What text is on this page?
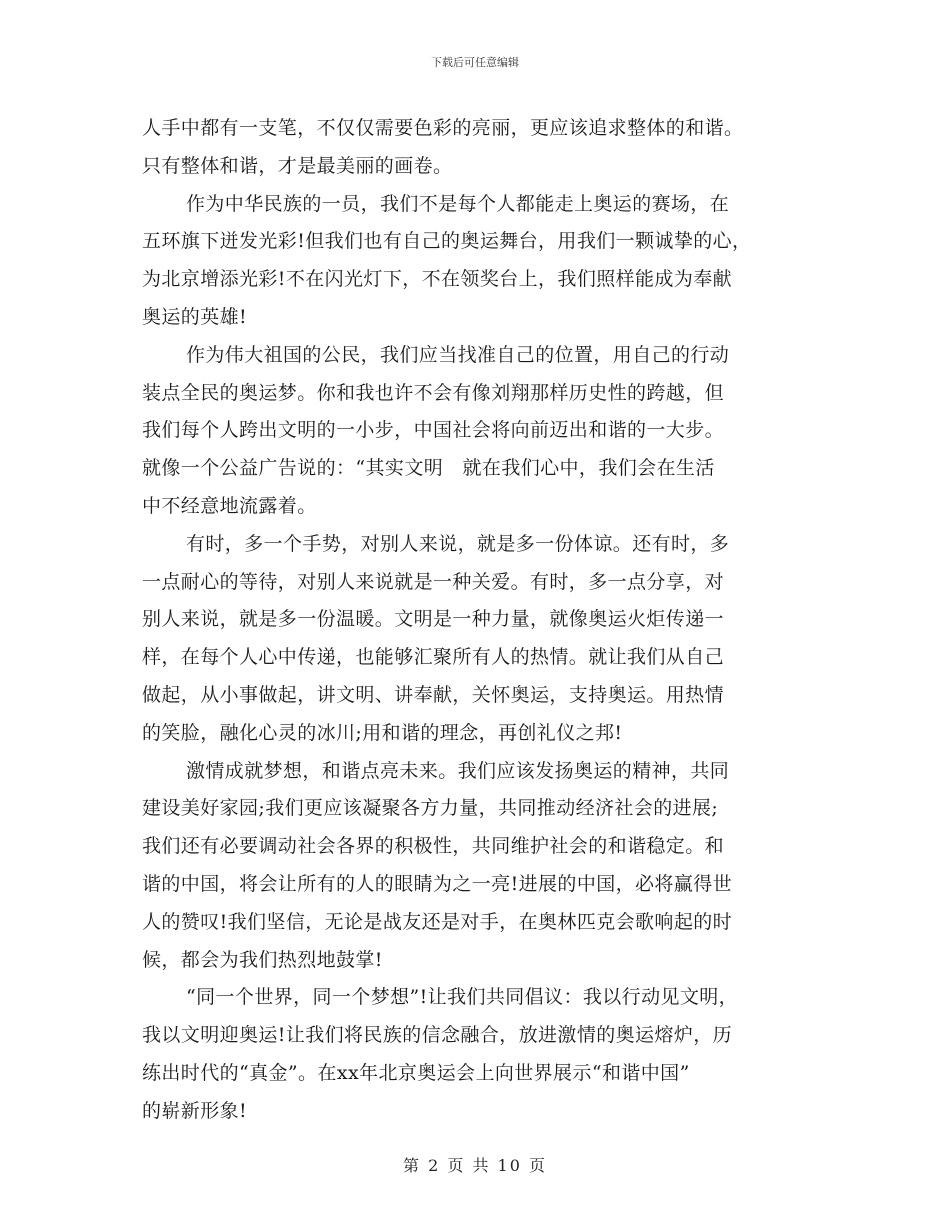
下载后可任意编辑
人手中都有一支笔，不仅仅需要色彩的亮丽，更应该追求整体的和谐。
只有整体和谐，才是最美丽的画卷。
作为中华民族的一员，我们不是每个人都能走上奥运的赛场，在
五环旗下迸发光彩!但我们也有自己的奥运舞台，用我们一颗诚挚的心，
为北京增添光彩!不在闪光灯下，不在领奖台上，我们照样能成为奉献
奥运的英雄!
作为伟大祖国的公民，我们应当找准自己的位置，用自己的行动
装点全民的奥运梦。你和我也许不会有像刘翔那样历史性的跨越，但
我们每个人跨出文明的一小步，中国社会将向前迈出和谐的一大步。
就像一个公益广告说的：“其实文明　就在我们心中，我们会在生活
中不经意地流露着。
有时，多一个手势，对别人来说，就是多一份体谅。还有时，多
一点耐心的等待，对别人来说就是一种关爱。有时，多一点分享，对
别人来说，就是多一份温暖。文明是一种力量，就像奥运火炬传递一
样，在每个人心中传递，也能够汇聚所有人的热情。就让我们从自己
做起，从小事做起，讲文明、讲奉献，关怀奥运，支持奥运。用热情
的笑脸，融化心灵的冰川;用和谐的理念，再创礼仪之邦!
激情成就梦想，和谐点亮未来。我们应该发扬奥运的精神，共同
建设美好家园;我们更应该凝聚各方力量，共同推动经济社会的进展;
我们还有必要调动社会各界的积极性，共同维护社会的和谐稳定。和
谐的中国，将会让所有的人的眼睛为之一亮!进展的中国，必将赢得世
人的赞叹!我们坚信，无论是战友还是对手，在奥林匹克会歌响起的时
候，都会为我们热烈地鼓掌!
“同一个世界，同一个梦想”!让我们共同倡议：我以行动见文明，
我以文明迎奥运!让我们将民族的信念融合，放进激情的奥运熔炉，历
练出时代的“真金”。在xx年北京奥运会上向世界展示“和谐中国”
的崭新形象!
第 2 页 共 10 页
